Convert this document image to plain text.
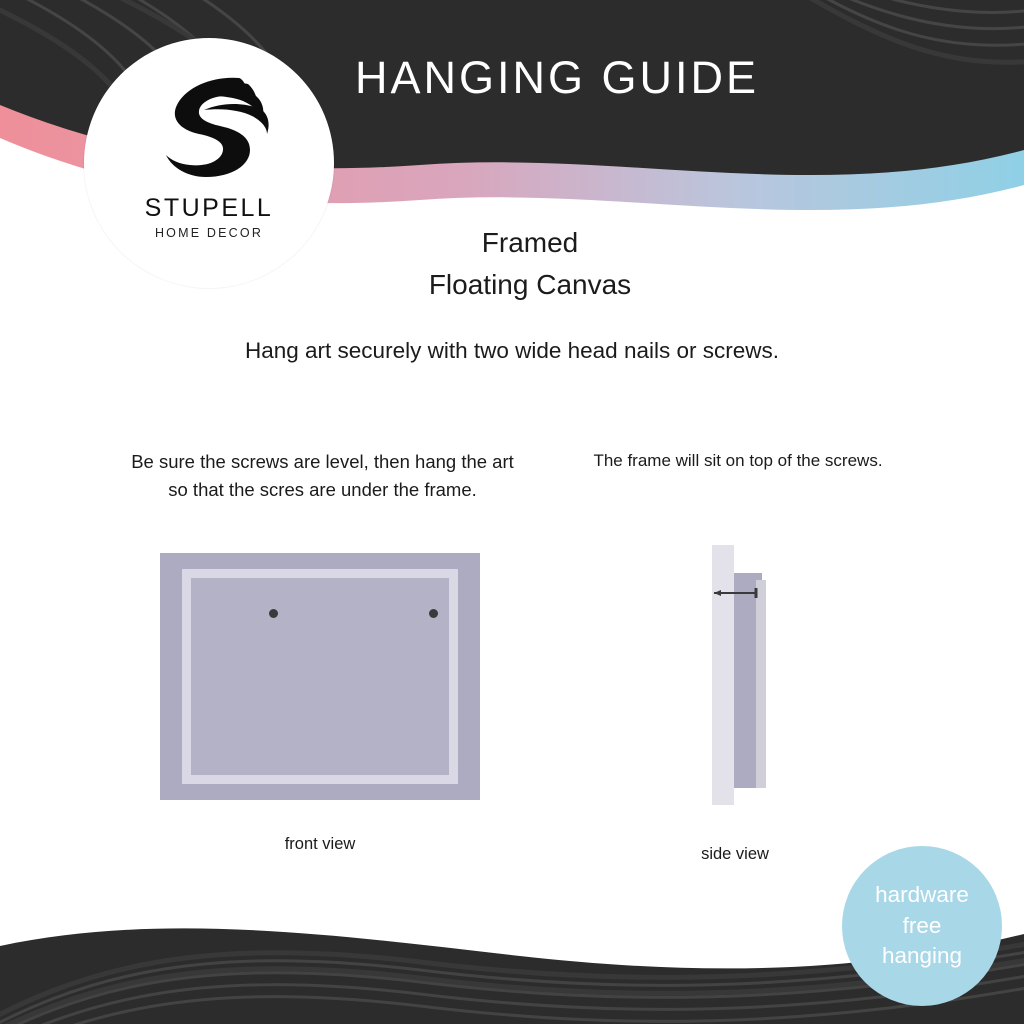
HANGING GUIDE
STUPELL
HOME DECOR	Framed
Floating Canvas
Hang art securely with two wide head nails or screws.
Be sure the screws are level, then hang the art so that the scres are under the frame.
front view
The frame will sit on top of the screws.
side view
hardware
free
hanging
